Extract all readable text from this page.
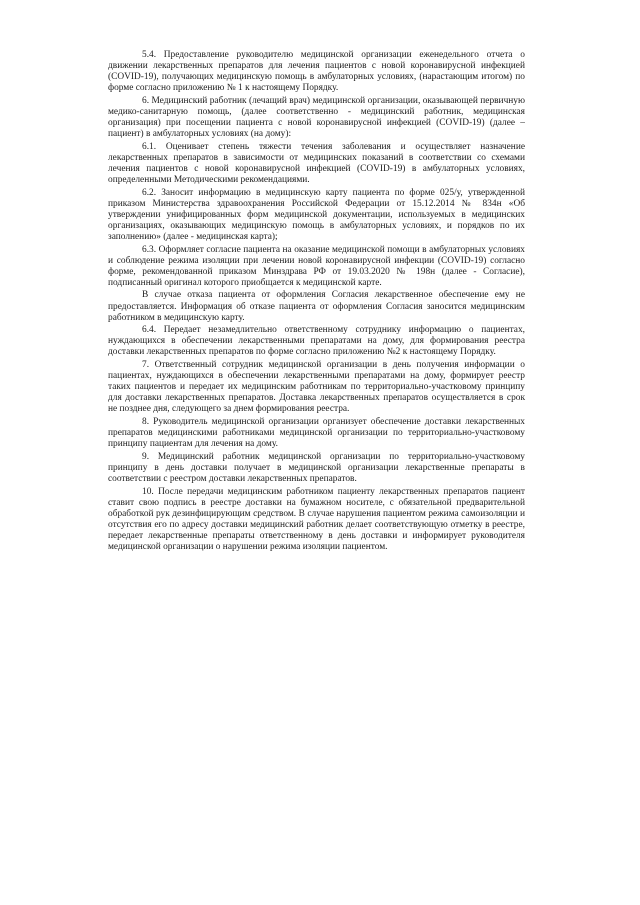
5.4. Предоставление руководителю медицинской организации еженедельного отчета о движении лекарственных препаратов для лечения пациентов с новой коронавирусной инфекцией (COVID-19), получающих медицинскую помощь в амбулаторных условиях, (нарастающим итогом) по форме согласно приложению № 1 к настоящему Порядку.

6. Медицинский работник (лечащий врач) медицинской организации, оказывающей первичную медико-санитарную помощь, (далее соответственно - медицинский работник, медицинская организация) при посещении пациента с новой коронавирусной инфекцией (COVID-19) (далее – пациент) в амбулаторных условиях (на дому):

6.1. Оценивает степень тяжести течения заболевания и осуществляет назначение лекарственных препаратов в зависимости от медицинских показаний в соответствии со схемами лечения пациентов с новой коронавирусной инфекцией (COVID-19) в амбулаторных условиях, определенными Методическими рекомендациями.

6.2. Заносит информацию в медицинскую карту пациента по форме 025/у, утвержденной приказом Министерства здравоохранения Российской Федерации от 15.12.2014 № 834н «Об утверждении унифицированных форм медицинской документации, используемых в медицинских организациях, оказывающих медицинскую помощь в амбулаторных условиях, и порядков по их заполнению» (далее - медицинская карта);

6.3. Оформляет согласие пациента на оказание медицинской помощи в амбулаторных условиях и соблюдение режима изоляции при лечении новой коронавирусной инфекции (COVID-19) согласно форме, рекомендованной приказом Минздрава РФ от 19.03.2020 № 198н (далее - Согласие), подписанный оригинал которого приобщается к медицинской карте.

В случае отказа пациента от оформления Согласия лекарственное обеспечение ему не предоставляется. Информация об отказе пациента от оформления Согласия заносится медицинским работником в медицинскую карту.

6.4. Передает незамедлительно ответственному сотруднику информацию о пациентах, нуждающихся в обеспечении лекарственными препаратами на дому, для формирования реестра доставки лекарственных препаратов по форме согласно приложению №2 к настоящему Порядку.

7. Ответственный сотрудник медицинской организации в день получения информации о пациентах, нуждающихся в обеспечении лекарственными препаратами на дому, формирует реестр таких пациентов и передает их медицинским работникам по территориально-участковому принципу для доставки лекарственных препаратов. Доставка лекарственных препаратов осуществляется в срок не позднее дня, следующего за днем формирования реестра.

8. Руководитель медицинской организации организует обеспечение доставки лекарственных препаратов медицинскими работниками медицинской организации по территориально-участковому принципу пациентам для лечения на дому.

9. Медицинский работник медицинской организации по территориально-участковому принципу в день доставки получает в медицинской организации лекарственные препараты в соответствии с реестром доставки лекарственных препаратов.

10. После передачи медицинским работником пациенту лекарственных препаратов пациент ставит свою подпись в реестре доставки на бумажном носителе, с обязательной предварительной обработкой рук дезинфицирующим средством. В случае нарушения пациентом режима самоизоляции и отсутствия его по адресу доставки медицинский работник делает соответствующую отметку в реестре, передает лекарственные препараты ответственному в день доставки и информирует руководителя медицинской организации о нарушении режима изоляции пациентом.
